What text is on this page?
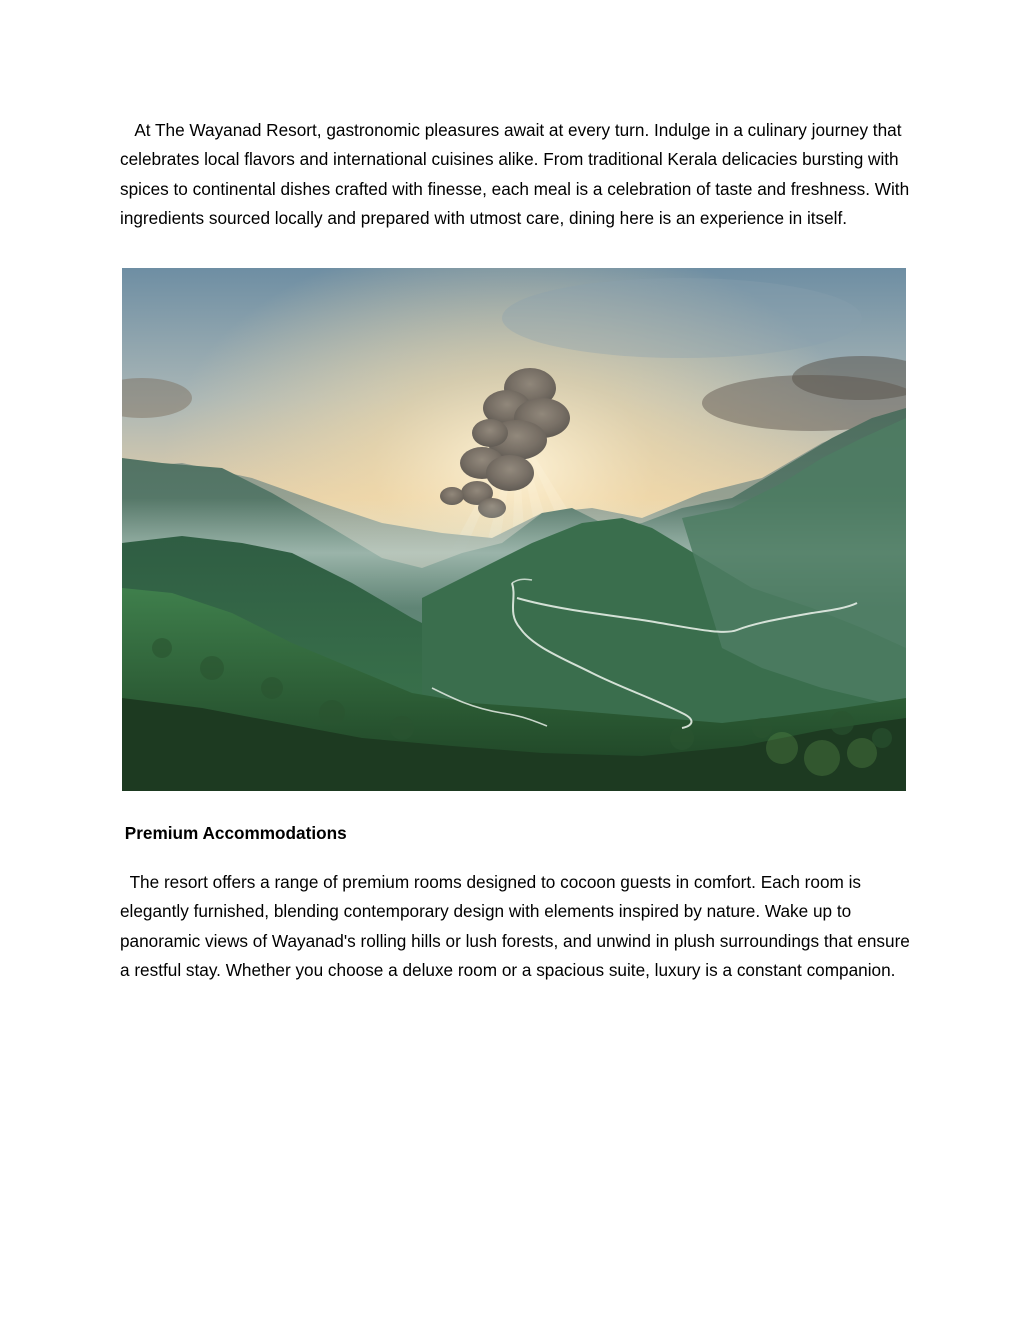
At The Wayanad Resort, gastronomic pleasures await at every turn. Indulge in a culinary journey that celebrates local flavors and international cuisines alike. From traditional Kerala delicacies bursting with spices to continental dishes crafted with finesse, each meal is a celebration of taste and freshness. With ingredients sourced locally and prepared with utmost care, dining here is an experience in itself.

Premium Accommodations

The resort offers a range of premium rooms designed to cocoon guests in comfort. Each room is elegantly furnished, blending contemporary design with elements inspired by nature. Wake up to panoramic views of Wayanad's rolling hills or lush forests, and unwind in plush surroundings that ensure a restful stay. Whether you choose a deluxe room or a spacious suite, luxury is a constant companion.
